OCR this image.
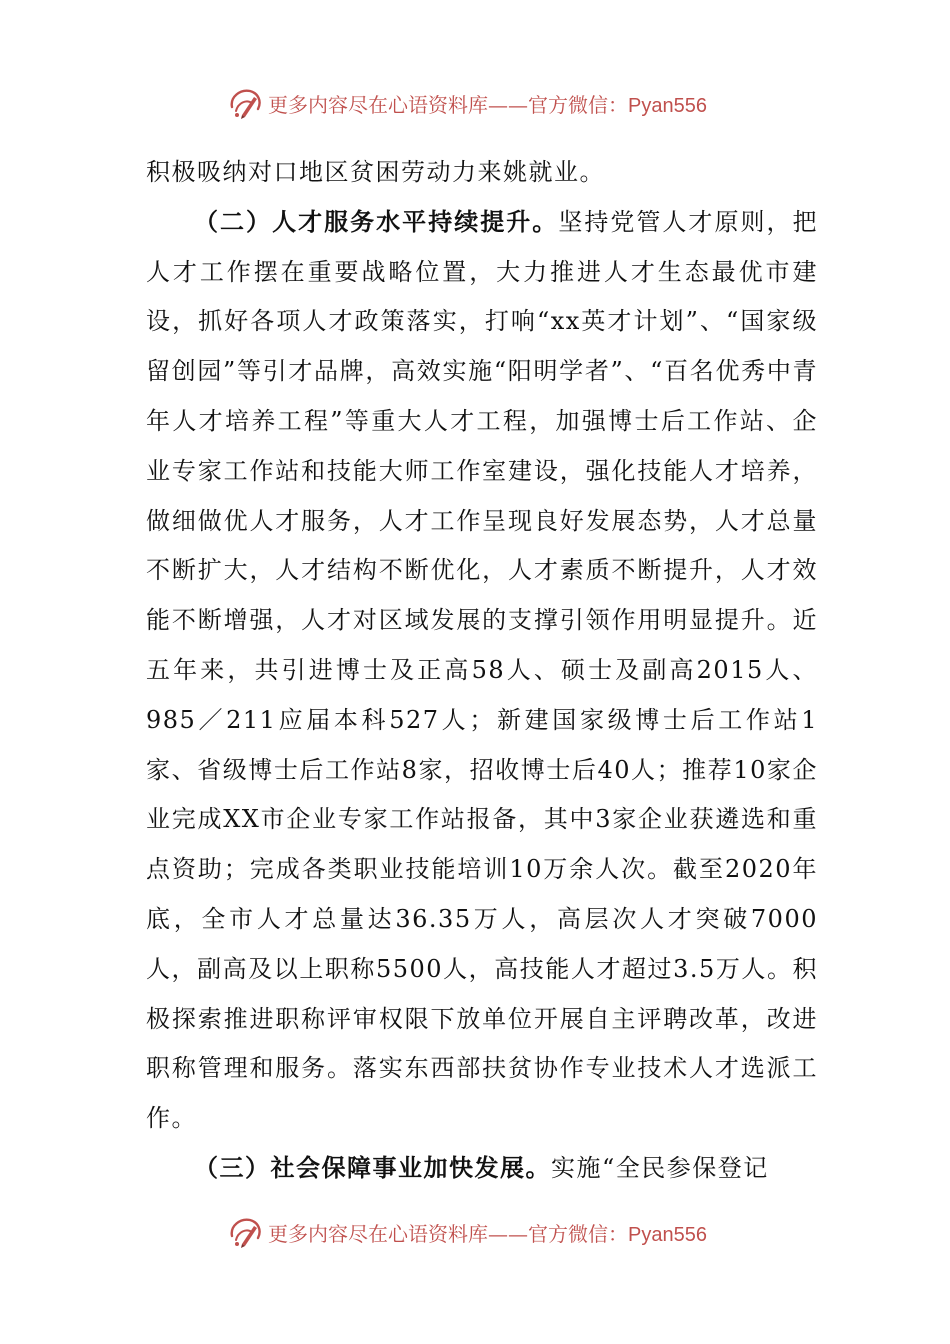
更多内容尽在心语资料库——官方微信：Pyan556

积极吸纳对口地区贫困劳动力来姚就业。

（二）人才服务水平持续提升。坚持党管人才原则，把人才工作摆在重要战略位置，大力推进人才生态最优市建设，抓好各项人才政策落实，打响“xx英才计划”、“国家级留创园”等引才品牌，高效实施“阳明学者”、“百名优秀中青年人才培养工程”等重大人才工程，加强博士后工作站、企业专家工作站和技能大师工作室建设，强化技能人才培养，做细做优人才服务，人才工作呈现良好发展态势，人才总量不断扩大，人才结构不断优化，人才素质不断提升，人才效能不断增强，人才对区域发展的支撑引领作用明显提升。近五年来，共引进博士及正高58人、硕士及副高2015人、985／211应届本科527人；新建国家级博士后工作站1家、省级博士后工作站8家，招收博士后40人；推荐10家企业完成XX市企业专家工作站报备，其中3家企业获遴选和重点资助；完成各类职业技能培训10万余人次。截至2020年底，全市人才总量达36.35万人，高层次人才突破7000人，副高及以上职称5500人，高技能人才超过3.5万人。积极探索推进职称评审权限下放单位开展自主评聘改革，改进职称管理和服务。落实东西部扶贫协作专业技术人才选派工作。

（三）社会保障事业加快发展。实施“全民参保登记

更多内容尽在心语资料库——官方微信：Pyan556
